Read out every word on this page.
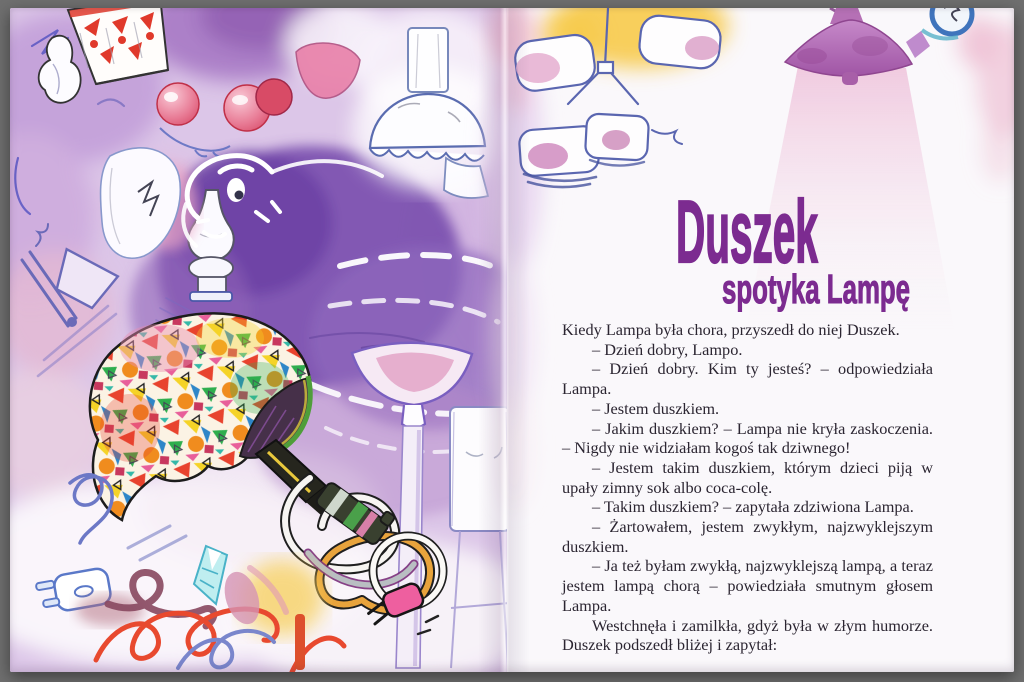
Duszek
spotyka Lampę

Kiedy Lampa była chora, przyszedł do niej Duszek.

– Dzień dobry, Lampo.

– Dzień dobry. Kim ty jesteś? – odpowiedziała Lampa.

– Jestem duszkiem.

– Jakim duszkiem? – Lampa nie kryła zaskoczenia. – Nigdy nie widziałam kogoś tak dziwnego!

– Jestem takim duszkiem, którym dzieci piją w upały zimny sok albo coca-colę.

– Takim duszkiem? – zapytała zdziwiona Lampa.

– Żartowałem, jestem zwykłym, najzwyklejszym duszkiem.

– Ja też byłam zwykłą, najzwyklejszą lampą, a teraz jestem lampą chorą – powiedziała smutnym głosem Lampa.

Westchnęła i zamilkła, gdyż była w złym humorze. Duszek podszedł bliżej i zapytał:
